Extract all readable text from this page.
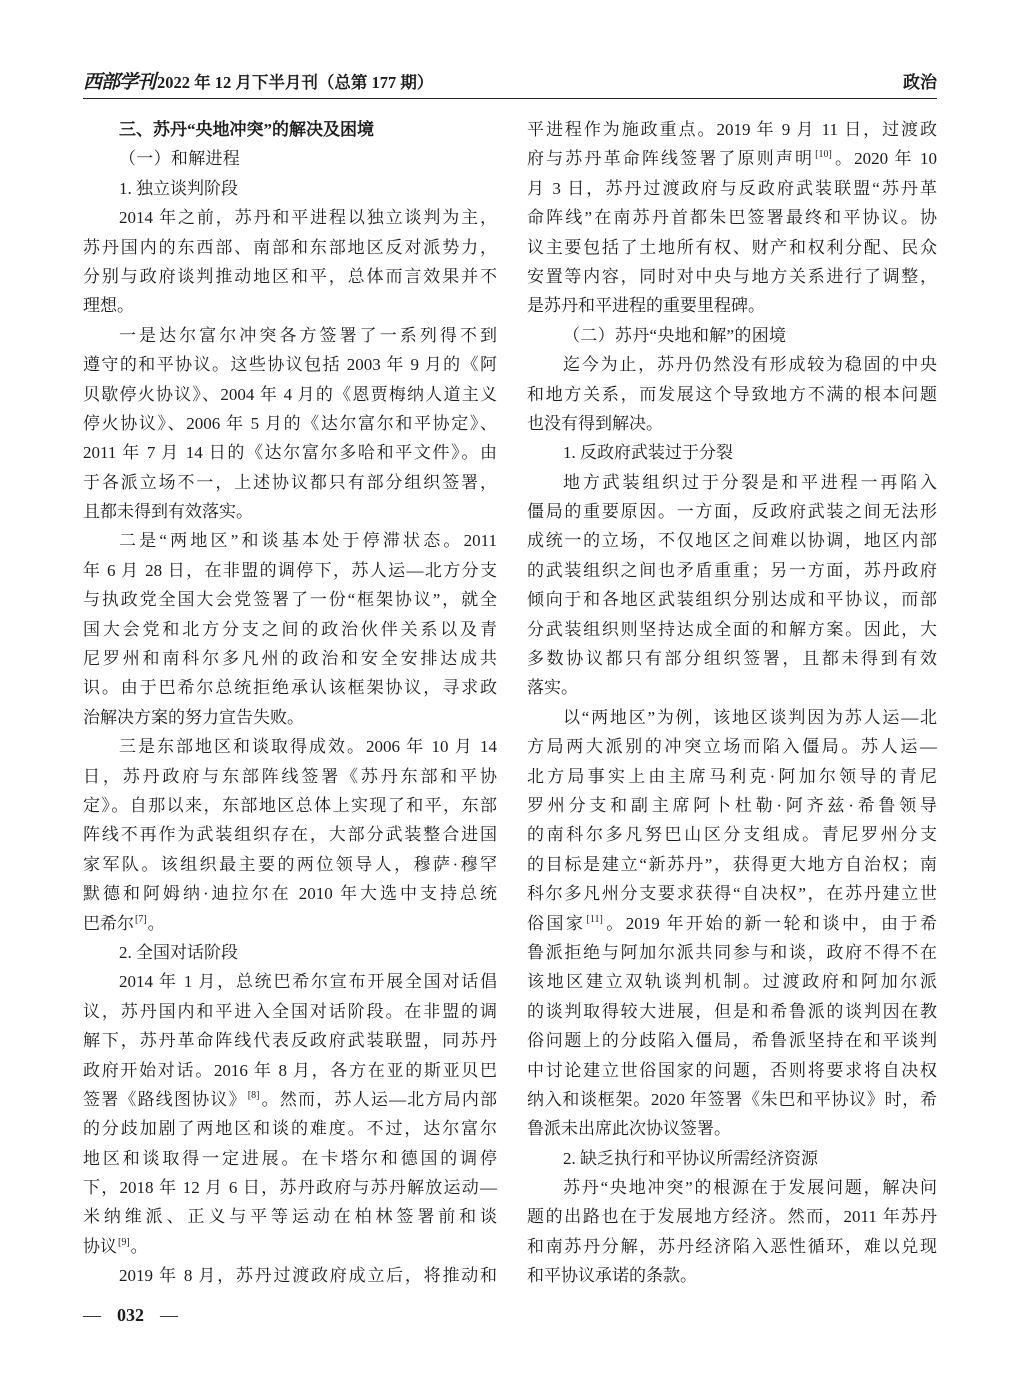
西部学刊 2022 年 12 月下半月刊（总第 177 期）	政治
三、苏丹“央地冲突”的解决及困境
（一）和解进程
1. 独立谈判阶段
2014 年之前，苏丹和平进程以独立谈判为主，
苏丹国内的东西部、南部和东部地区反对派势力，
分别与政府谈判推动地区和平，总体而言效果并不
理想。
一是达尔富尔冲突各方签署了一系列得不到
遵守的和平协议。这些协议包括 2003 年 9 月的《阿
贝歇停火协议》、2004 年 4 月的《恩贾梅纳人道主义
停火协议》、2006 年 5 月的《达尔富尔和平协定》、
2011 年 7 月 14 日的《达尔富尔多哈和平文件》。由
于各派立场不一，上述协议都只有部分组织签署，
且都未得到有效落实。
二是“两地区”和谈基本处于停滞状态。2011
年 6 月 28 日，在非盟的调停下，苏人运—北方分支
与执政党全国大会党签署了一份“框架协议”，就全
国大会党和北方分支之间的政治伙伴关系以及青
尼罗州和南科尔多凡州的政治和安全安排达成共
识。由于巴希尔总统拒绝承认该框架协议，寻求政
治解决方案的努力宣告失败。
三是东部地区和谈取得成效。2006 年 10 月 14
日，苏丹政府与东部阵线签署《苏丹东部和平协
定》。自那以来，东部地区总体上实现了和平，东部
阵线不再作为武装组织存在，大部分武装整合进国
家军队。该组织最主要的两位领导人，穆萨·穆罕
默德和阿姆纳·迪拉尔在 2010 年大选中支持总统
巴希尔[7]。
2. 全国对话阶段
2014 年 1 月，总统巴希尔宣布开展全国对话倡
议，苏丹国内和平进入全国对话阶段。在非盟的调
解下，苏丹革命阵线代表反政府武装联盟，同苏丹
政府开始对话。2016 年 8 月，各方在亚的斯亚贝巴
签署《路线图协议》[8]。然而，苏人运—北方局内部
的分歧加剧了两地区和谈的难度。不过，达尔富尔
地区和谈取得一定进展。在卡塔尔和德国的调停
下，2018 年 12 月 6 日，苏丹政府与苏丹解放运动—
米纳维派、正义与平等运动在柏林签署前和谈
协议[9]。
2019 年 8 月，苏丹过渡政府成立后，将推动和
平进程作为施政重点。2019 年 9 月 11 日，过渡政
府与苏丹革命阵线签署了原则声明[10]。2020 年 10
月 3 日，苏丹过渡政府与反政府武装联盟“苏丹革
命阵线”在南苏丹首都朱巴签署最终和平协议。协
议主要包括了土地所有权、财产和权利分配、民众
安置等内容，同时对中央与地方关系进行了调整，
是苏丹和平进程的重要里程碑。
（二）苏丹“央地和解”的困境
迄今为止，苏丹仍然没有形成较为稳固的中央
和地方关系，而发展这个导致地方不满的根本问题
也没有得到解决。
1. 反政府武装过于分裂
地方武装组织过于分裂是和平进程一再陷入
僵局的重要原因。一方面，反政府武装之间无法形
成统一的立场，不仅地区之间难以协调，地区内部
的武装组织之间也矛盾重重；另一方面，苏丹政府
倾向于和各地区武装组织分别达成和平协议，而部
分武装组织则坚持达成全面的和解方案。因此，大
多数协议都只有部分组织签署，且都未得到有效
落实。
以“两地区”为例，该地区谈判因为苏人运—北
方局两大派别的冲突立场而陷入僵局。苏人运—
北方局事实上由主席马利克·阿加尔领导的青尼
罗州分支和副主席阿卜杜勒·阿齐兹·希鲁领导
的南科尔多凡努巴山区分支组成。青尼罗州分支
的目标是建立“新苏丹”，获得更大地方自治权；南
科尔多凡州分支要求获得“自决权”，在苏丹建立世
俗国家[11]。2019 年开始的新一轮和谈中，由于希
鲁派拒绝与阿加尔派共同参与和谈，政府不得不在
该地区建立双轨谈判机制。过渡政府和阿加尔派
的谈判取得较大进展，但是和希鲁派的谈判因在教
俗问题上的分歧陷入僵局，希鲁派坚持在和平谈判
中讨论建立世俗国家的问题，否则将要求将自决权
纳入和谈框架。2020 年签署《朱巴和平协议》时，希
鲁派未出席此次协议签署。
2. 缺乏执行和平协议所需经济资源
苏丹“央地冲突”的根源在于发展问题，解决问
题的出路也在于发展地方经济。然而，2011 年苏丹
和南苏丹分解，苏丹经济陷入恶性循环，难以兑现
和平协议承诺的条款。
— 032 —
